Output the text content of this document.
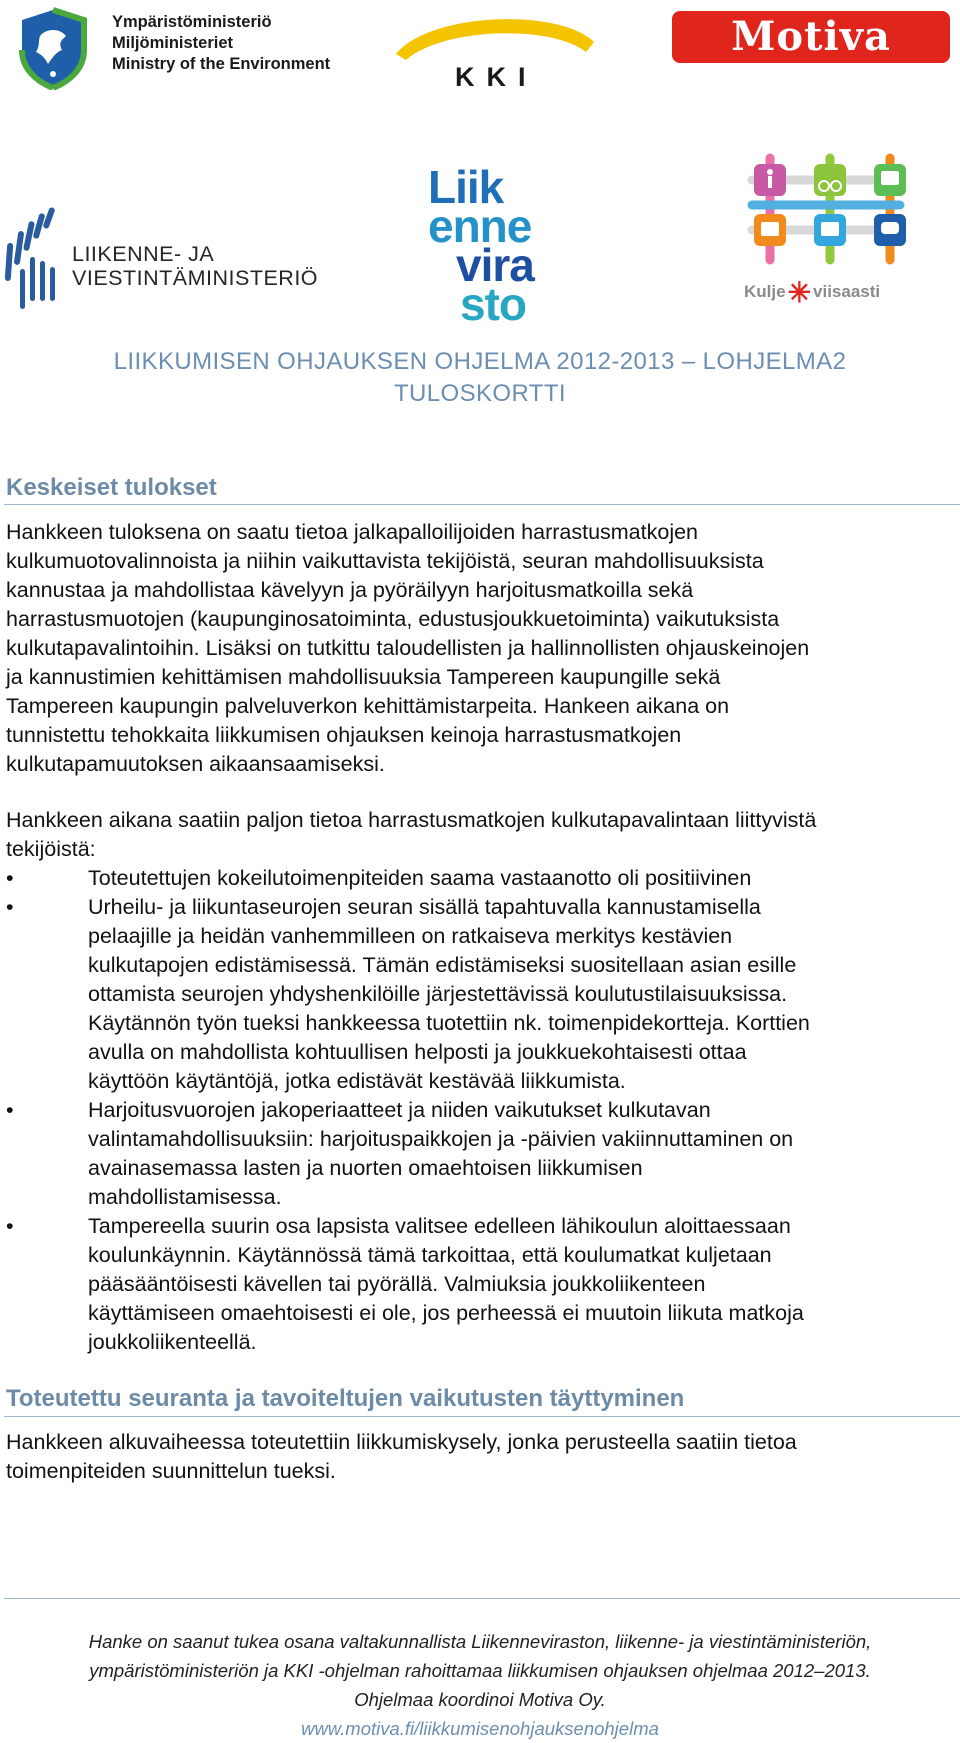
Ympäristöministeriö
Miljöministeriet
Ministry of the Environment	KKI
Motiva
LIIKENNE- JA
VIESTINTÄMINISTERIÖ
Liik
enne
vira
sto	Kulje✳ viisaasti
LIIKKUMISEN OHJAUKSEN OHJELMA 2012-2013 – LOHJELMA2
TULOSKORTTI
Keskeiset tulokset
Hankkeen tuloksena on saatu tietoa jalkapalloilijoiden harrastusmatkojen
kulkumuotovalinnoista ja niihin vaikuttavista tekijöistä, seuran mahdollisuuksista
kannustaa ja mahdollistaa kävelyyn ja pyöräilyyn harjoitusmatkoilla sekä
harrastusmuotojen (kaupunginosatoiminta, edustusjoukkuetoiminta) vaikutuksista
kulkutapavalintoihin. Lisäksi on tutkittu taloudellisten ja hallinnollisten ohjauskeinojen
ja kannustimien kehittämisen mahdollisuuksia Tampereen kaupungille sekä
Tampereen kaupungin palveluverkon kehittämistarpeita. Hankeen aikana on
tunnistettu tehokkaita liikkumisen ohjauksen keinoja harrastusmatkojen
kulkutapamuutoksen aikaansaamiseksi.
Hankkeen aikana saatiin paljon tietoa harrastusmatkojen kulkutapavalintaan liittyvistä
tekijöistä:
•	Toteutettujen kokeilutoimenpiteiden saama vastaanotto oli positiivinen
•	Urheilu- ja liikuntaseurojen seuran sisällä tapahtuvalla kannustamisella
pelaajille ja heidän vanhemmilleen on ratkaiseva merkitys kestävien
kulkutapojen edistämisessä. Tämän edistämiseksi suositellaan asian esille
ottamista seurojen yhdyshenkilöille järjestettävissä koulutustilaisuuksissa.
Käytännön työn tueksi hankkeessa tuotettiin nk. toimenpidekortteja. Korttien
avulla on mahdollista kohtuullisen helposti ja joukkuekohtaisesti ottaa
käyttöön käytäntöjä, jotka edistävät kestävää liikkumista.
•	Harjoitusvuorojen jakoperiaatteet ja niiden vaikutukset kulkutavan
valintamahdollisuuksiin: harjoituspaikkojen ja -päivien vakiinnuttaminen on
avainasemassa lasten ja nuorten omaehtoisen liikkumisen
mahdollistamisessa.
•	Tampereella suurin osa lapsista valitsee edelleen lähikoulun aloittaessaan
koulunkäynnin. Käytännössä tämä tarkoittaa, että koulumatkat kuljetaan
pääsääntöisesti kävellen tai pyörällä. Valmiuksia joukkoliikenteen
käyttämiseen omaehtoisesti ei ole, jos perheessä ei muutoin liikuta matkoja
joukkoliikenteellä.
Toteutettu seuranta ja tavoiteltujen vaikutusten täyttyminen
Hankkeen alkuvaiheessa toteutettiin liikkumiskysely, jonka perusteella saatiin tietoa
toimenpiteiden suunnittelun tueksi.
Hanke on saanut tukea osana valtakunnallista Liikenneviraston, liikenne- ja viestintäministeriön,
ympäristöministeriön ja KKI -ohjelman rahoittamaa liikkumisen ohjauksen ohjelmaa 2012–2013.
Ohjelmaa koordinoi Motiva Oy.
www.motiva.fi/liikkumisenohjauksenohjelma
